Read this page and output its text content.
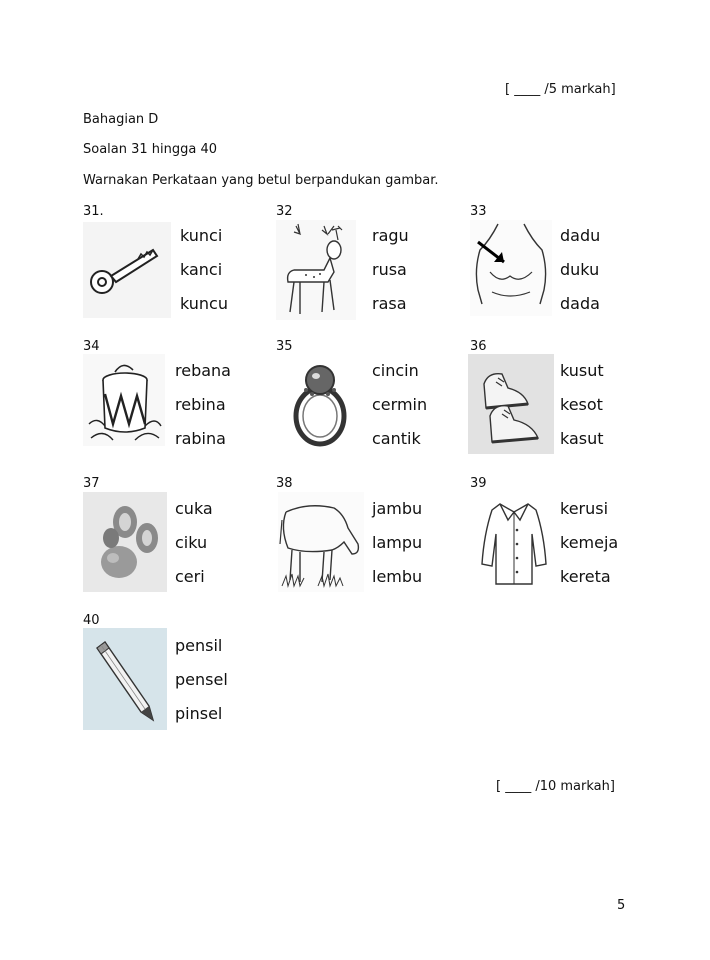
[ ____ /5 markah]
Bahagian D
Soalan 31 hingga 40
Warnakan Perkataan yang betul berpandukan gambar.
31.
kunci
kanci
kuncu
32
ragu
rusa
rasa
33
dadu
duku
dada
34
rebana
rebina
rabina
35
cincin
cermin
cantik
36
kusut
kesot
kasut
37
cuka
ciku
ceri
38
jambu
lampu
lembu
39
kerusi
kemeja
kereta
40
pensil
pensel
pinsel
[ ____ /10 markah]
5
